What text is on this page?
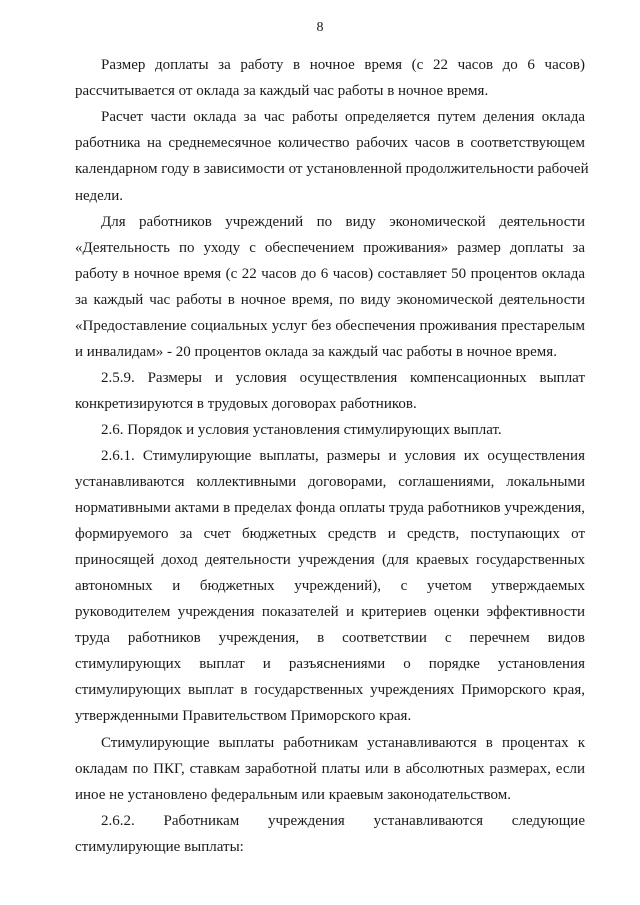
8
Размер доплаты за работу в ночное время (с 22 часов до 6 часов)
рассчитывается от оклада за каждый час работы в ночное время.
Расчет части оклада за час работы определяется путем деления оклада
работника на среднемесячное количество рабочих часов в соответствующем
календарном году в зависимости от установленной продолжительности рабочей
недели.
Для работников учреждений по виду экономической деятельности
«Деятельность по уходу с обеспечением проживания» размер доплаты за
работу в ночное время (с 22 часов до 6 часов) составляет 50 процентов оклада
за каждый час работы в ночное время, по виду экономической деятельности
«Предоставление социальных услуг без обеспечения проживания престарелым
и инвалидам» - 20 процентов оклада за каждый час работы в ночное время.
2.5.9. Размеры и условия осуществления компенсационных выплат
конкретизируются в трудовых договорах работников.
2.6. Порядок и условия установления стимулирующих выплат.
2.6.1. Стимулирующие выплаты, размеры и условия их осуществления
устанавливаются коллективными договорами, соглашениями, локальными
нормативными актами в пределах фонда оплаты труда работников учреждения,
формируемого за счет бюджетных средств и средств, поступающих от
приносящей доход деятельности учреждения (для краевых государственных
автономных и бюджетных учреждений), с учетом утверждаемых
руководителем учреждения показателей и критериев оценки эффективности
труда работников учреждения, в соответствии с перечнем видов
стимулирующих выплат и разъяснениями о порядке установления
стимулирующих выплат в государственных учреждениях Приморского края,
утвержденными Правительством Приморского края.
Стимулирующие выплаты работникам устанавливаются в процентах к
окладам по ПКГ, ставкам заработной платы или в абсолютных размерах, если
иное не установлено федеральным или краевым законодательством.
2.6.2. Работникам учреждения устанавливаются следующие
стимулирующие выплаты:
